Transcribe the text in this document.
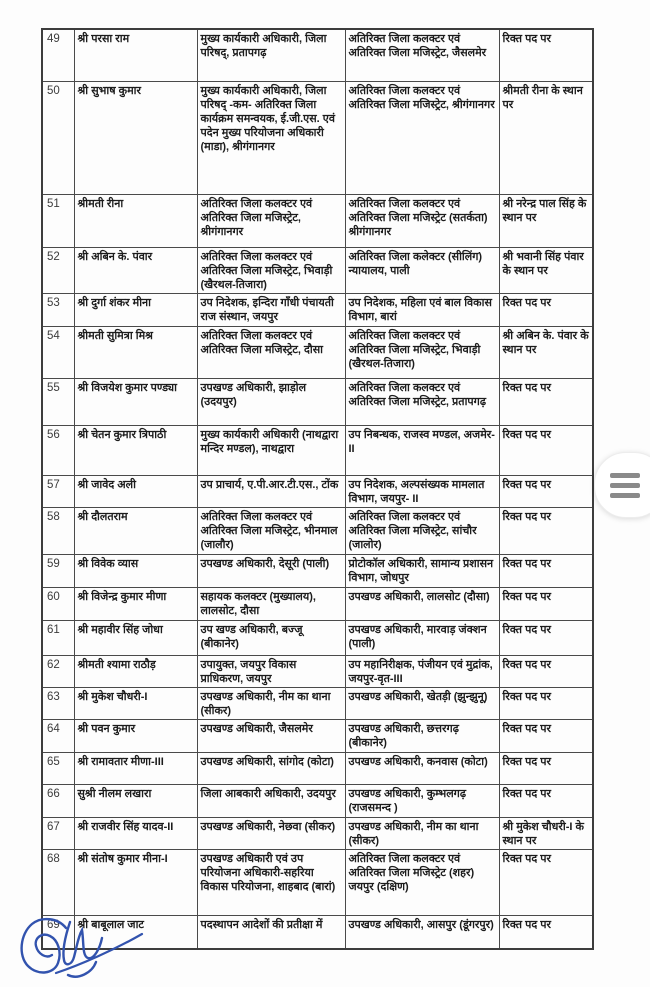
49	श्री परसा राम	मुख्य कार्यकारी अधिकारी, जिला परिषद्, प्रतापगढ़	अतिरिक्त जिला कलक्टर एवं अतिरिक्त जिला मजिस्ट्रेट, जैसलमेर	रिक्त पद पर
50	श्री सुभाष कुमार	मुख्य कार्यकारी अधिकारी, जिला परिषद् -कम- अतिरिक्त जिला कार्यक्रम समन्वयक, ई.जी.एस. एवं पदेन मुख्य परियोजना अधिकारी (माडा), श्रीगंगानगर	अतिरिक्त जिला कलक्टर एवं अतिरिक्त जिला मजिस्ट्रेट, श्रीगंगानगर	श्रीमती रीना के स्थान पर
51	श्रीमती रीना	अतिरिक्त जिला कलक्टर एवं अतिरिक्त जिला मजिस्ट्रेट, श्रीगंगानगर	अतिरिक्त जिला कलक्टर एवं अतिरिक्त जिला मजिस्ट्रेट (सतर्कता) श्रीगंगानगर	श्री नरेन्द्र पाल सिंह के स्थान पर
52	श्री अबिन के. पंवार	अतिरिक्त जिला कलक्टर एवं अतिरिक्त जिला मजिस्ट्रेट, भिवाड़ी (खैरथल-तिजारा)	अतिरिक्त जिला कलेक्टर (सीलिंग) न्यायालय, पाली	श्री भवानी सिंह पंवार के स्थान पर
53	श्री दुर्गा शंकर मीना	उप निदेशक, इन्दिरा गाँधी पंचायती राज संस्थान, जयपुर	उप निदेशक, महिला एवं बाल विकास विभाग, बारां	रिक्त पद पर
54	श्रीमती सुमित्रा मिश्र	अतिरिक्त जिला कलक्टर एवं अतिरिक्त जिला मजिस्ट्रेट, दौसा	अतिरिक्त जिला कलक्टर एवं अतिरिक्त जिला मजिस्ट्रेट, भिवाड़ी (खैरथल-तिजारा)	श्री अबिन के. पंवार के स्थान पर
55	श्री विजयेश कुमार पण्ड्या	उपखण्ड अधिकारी, झाड़ोल (उदयपुर)	अतिरिक्त जिला कलक्टर एवं अतिरिक्त जिला मजिस्ट्रेट, प्रतापगढ़	रिक्त पद पर
56	श्री चेतन कुमार त्रिपाठी	मुख्य कार्यकारी अधिकारी (नाथद्वारा मन्दिर मण्डल), नाथद्वारा	उप निबन्धक, राजस्व मण्डल, अजमेर-II	रिक्त पद पर
57	श्री जावेद अली	उप प्राचार्य, ए.पी.आर.टी.एस., टोंक	उप निदेशक, अल्पसंख्यक मामलात विभाग, जयपुर- II	रिक्त पद पर
58	श्री दौलतराम	अतिरिक्त जिला कलक्टर एवं अतिरिक्त जिला मजिस्ट्रेट, भीनमाल (जालौर)	अतिरिक्त जिला कलक्टर एवं अतिरिक्त जिला मजिस्ट्रेट, सांचौर (जालोर)	रिक्त पद पर
59	श्री विवेक व्यास	उपखण्ड अधिकारी, देसूरी (पाली)	प्रोटोकॉल अधिकारी, सामान्य प्रशासन विभाग, जोधपुर	रिक्त पद पर
60	श्री विजेन्द्र कुमार मीणा	सहायक कलक्टर (मुख्यालय), लालसोट, दौसा	उपखण्ड अधिकारी, लालसोट (दौसा)	रिक्त पद पर
61	श्री महावीर सिंह जोधा	उप खण्ड अधिकारी, बज्जू (बीकानेर)	उपखण्ड अधिकारी, मारवाड़ जंक्शन (पाली)	रिक्त पद पर
62	श्रीमती श्यामा राठौड़	उपायुक्त, जयपुर विकास प्राधिकरण, जयपुर	उप महानिरीक्षक, पंजीयन एवं मुद्रांक, जयपुर-वृत-III	रिक्त पद पर
63	श्री मुकेश चौधरी-I	उपखण्ड अधिकारी, नीम का थाना (सीकर)	उपखण्ड अधिकारी, खेतड़ी (झुन्झुनू)	रिक्त पद पर
64	श्री पवन कुमार	उपखण्ड अधिकारी, जैसलमेर	उपखण्ड अधिकारी, छत्तरगढ़ (बीकानेर)	रिक्त पद पर
65	श्री रामावतार मीणा-III	उपखण्ड अधिकारी, सांगोद (कोटा)	उपखण्ड अधिकारी, कनवास (कोटा)	रिक्त पद पर
66	सुश्री नीलम लखारा	जिला आबकारी अधिकारी, उदयपुर	उपखण्ड अधिकारी, कुम्भलगढ़ (राजसमन्द )	रिक्त पद पर
67	श्री राजवीर सिंह यादव-II	उपखण्ड अधिकारी, नेछवा (सीकर)	उपखण्ड अधिकारी, नीम का थाना (सीकर)	श्री मुकेश चौधरी-I के स्थान पर
68	श्री संतोष कुमार मीना-I	उपखण्ड अधिकारी एवं उप परियोजना अधिकारी-सहरिया विकास परियोजना, शाहबाद (बारां)	अतिरिक्त जिला कलक्टर एवं अतिरिक्त जिला मजिस्ट्रेट (शहर) जयपुर (दक्षिण)	रिक्त पद पर
69	श्री बाबूलाल जाट	पदस्थापन आदेशों की प्रतीक्षा में	उपखण्ड अधिकारी, आसपुर (डूंगरपुर)	रिक्त पद पर
